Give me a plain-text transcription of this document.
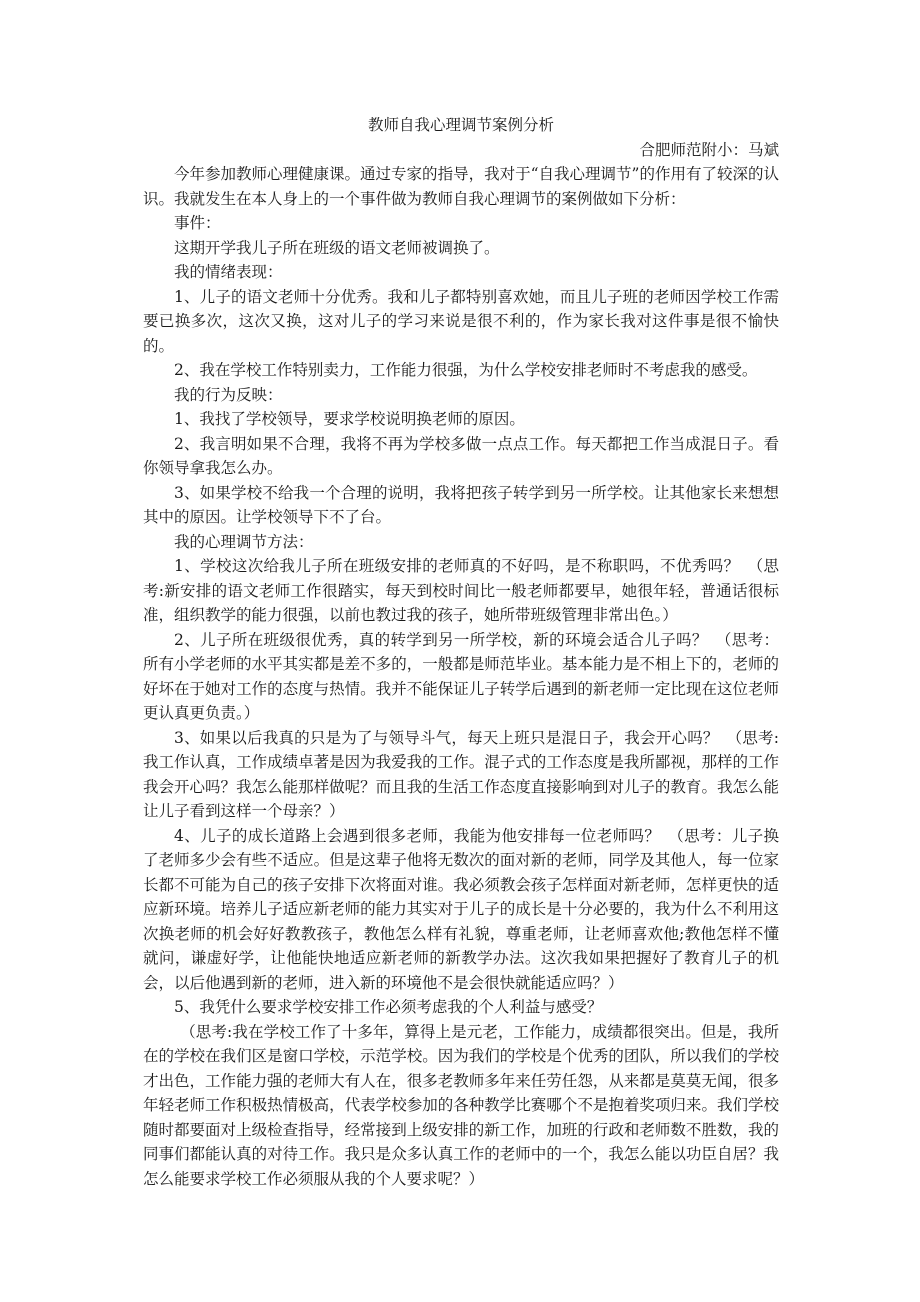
教师自我心理调节案例分析
合肥师范附小：马斌

今年参加教师心理健康课。通过专家的指导，我对于“自我心理调节”的作用有了较深的认识。我就发生在本人身上的一个事件做为教师自我心理调节的案例做如下分析：

事件：

这期开学我儿子所在班级的语文老师被调换了。

我的情绪表现：

1、儿子的语文老师十分优秀。我和儿子都特别喜欢她，而且儿子班的老师因学校工作需要已换多次，这次又换，这对儿子的学习来说是很不利的，作为家长我对这件事是很不愉快的。

2、我在学校工作特别卖力，工作能力很强，为什么学校安排老师时不考虑我的感受。

我的行为反映：

1、我找了学校领导，要求学校说明换老师的原因。

2、我言明如果不合理，我将不再为学校多做一点点工作。每天都把工作当成混日子。看你领导拿我怎么办。

3、如果学校不给我一个合理的说明，我将把孩子转学到另一所学校。让其他家长来想想其中的原因。让学校领导下不了台。

我的心理调节方法：

1、学校这次给我儿子所在班级安排的老师真的不好吗，是不称职吗，不优秀吗？　（思考:新安排的语文老师工作很踏实，每天到校时间比一般老师都要早，她很年轻，普通话很标准，组织教学的能力很强，以前也教过我的孩子，她所带班级管理非常出色。）

2、儿子所在班级很优秀，真的转学到另一所学校，新的环境会适合儿子吗？　（思考：所有小学老师的水平其实都是差不多的，一般都是师范毕业。基本能力是不相上下的，老师的好坏在于她对工作的态度与热情。我并不能保证儿子转学后遇到的新老师一定比现在这位老师更认真更负责。）

3、如果以后我真的只是为了与领导斗气，每天上班只是混日子，我会开心吗？　（思考:我工作认真，工作成绩卓著是因为我爱我的工作。混子式的工作态度是我所鄙视，那样的工作我会开心吗？我怎么能那样做呢？而且我的生活工作态度直接影响到对儿子的教育。我怎么能让儿子看到这样一个母亲？）

4、儿子的成长道路上会遇到很多老师，我能为他安排每一位老师吗？　（思考：儿子换了老师多少会有些不适应。但是这辈子他将无数次的面对新的老师，同学及其他人，每一位家长都不可能为自己的孩子安排下次将面对谁。我必须教会孩子怎样面对新老师，怎样更快的适应新环境。培养儿子适应新老师的能力其实对于儿子的成长是十分必要的，我为什么不利用这次换老师的机会好好教教孩子，教他怎么样有礼貌，尊重老师，让老师喜欢他;教他怎样不懂就问，谦虚好学，让他能快地适应新老师的新教学办法。这次我如果把握好了教育儿子的机会，以后他遇到新的老师，进入新的环境他不是会很快就能适应吗？）

5、我凭什么要求学校安排工作必须考虑我的个人利益与感受？

（思考:我在学校工作了十多年，算得上是元老，工作能力，成绩都很突出。但是，我所在的学校在我们区是窗口学校，示范学校。因为我们的学校是个优秀的团队，所以我们的学校才出色，工作能力强的老师大有人在，很多老教师多年来任劳任怨，从来都是莫莫无闻，很多年轻老师工作积极热情极高，代表学校参加的各种教学比赛哪个不是抱着奖项归来。我们学校随时都要面对上级检查指导，经常接到上级安排的新工作，加班的行政和老师数不胜数，我的同事们都能认真的对待工作。我只是众多认真工作的老师中的一个，我怎么能以功臣自居？我怎么能要求学校工作必须服从我的个人要求呢？）
